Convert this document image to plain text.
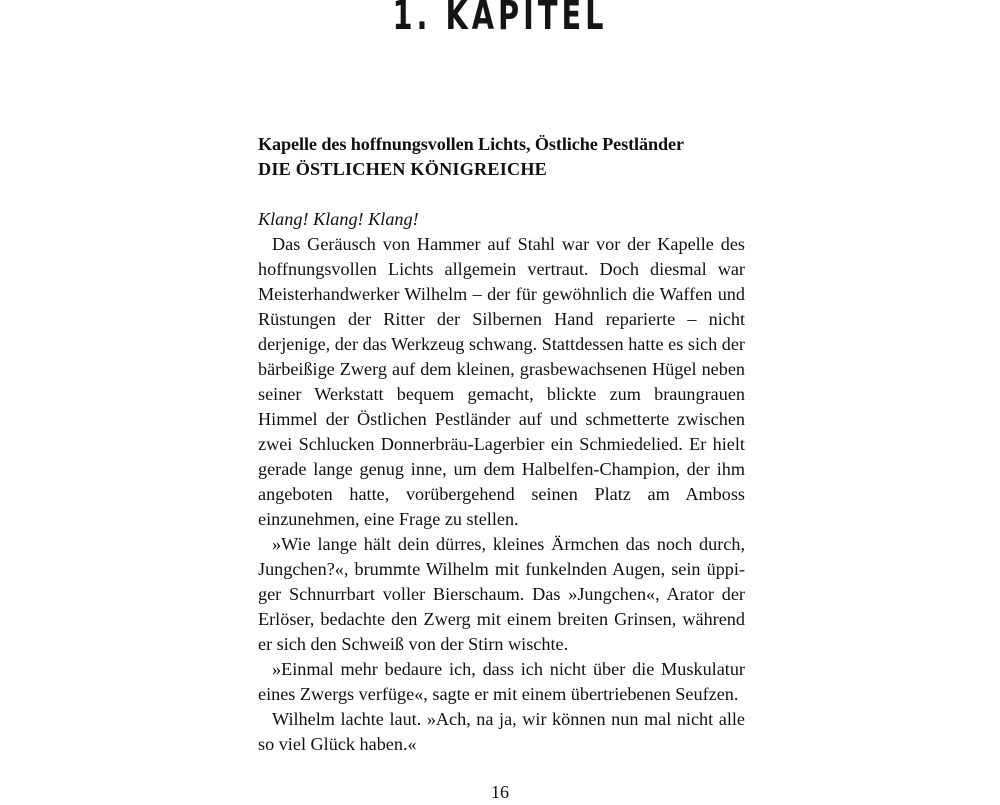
1. KAPITEL

Kapelle des hoffnungsvollen Lichts, Östliche Pestländer

DIE ÖSTLICHEN KÖNIGREICHE

Klang! Klang! Klang!

Das Geräusch von Hammer auf Stahl war vor der Kapelle des hoffnungsvollen Lichts allgemein vertraut. Doch diesmal war Meisterhandwerker Wilhelm – der für gewöhnlich die Waffen und Rüstungen der Ritter der Silbernen Hand reparierte – nicht derjenige, der das Werkzeug schwang. Stattdessen hatte es sich der bärbeißige Zwerg auf dem kleinen, grasbewachsenen Hügel neben seiner Werkstatt bequem gemacht, blickte zum braungrauen Himmel der Östlichen Pestländer auf und schmetterte zwischen zwei Schlucken Donnerbräu-Lagerbier ein Schmiedelied. Er hielt gerade lange genug inne, um dem Halbelfen-Champion, der ihm angeboten hatte, vorübergehend seinen Platz am Amboss einzunehmen, eine Frage zu stellen.

»Wie lange hält dein dürres, kleines Ärmchen das noch durch, Jungchen?«, brummte Wilhelm mit funkelnden Augen, sein üppiger Schnurrbart voller Bierschaum. Das »Jungchen«, Arator der Erlöser, bedachte den Zwerg mit einem breiten Grinsen, während er sich den Schweiß von der Stirn wischte.

»Einmal mehr bedaure ich, dass ich nicht über die Muskulatur eines Zwergs verfüge«, sagte er mit einem übertriebenen Seufzen.

Wilhelm lachte laut. »Ach, na ja, wir können nun mal nicht alle so viel Glück haben.«

16
